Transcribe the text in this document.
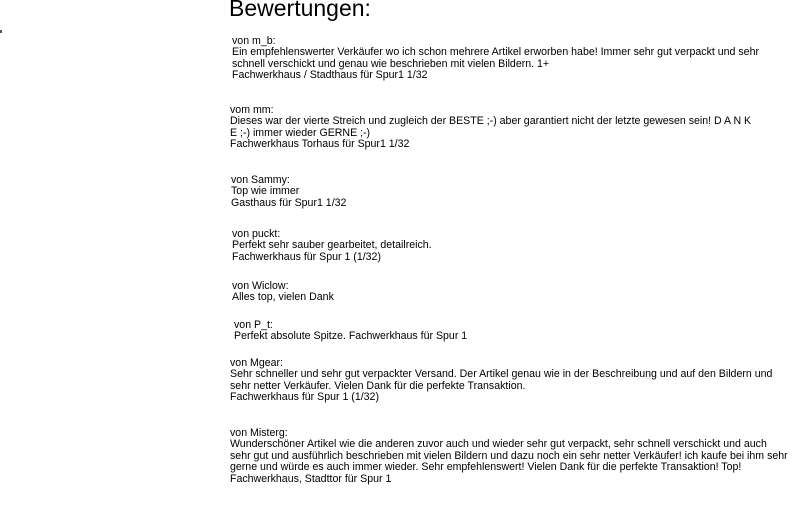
Bewertungen:
von m_b:
Ein empfehlenswerter Verkäufer wo ich schon mehrere Artikel erworben habe! Immer sehr gut verpackt und sehr schnell verschickt und genau wie beschrieben mit vielen Bildern. 1+
Fachwerkhaus / Stadthaus für Spur1 1/32
vom mm:
Dieses war der vierte Streich und zugleich der BESTE ;-) aber garantiert nicht der letzte gewesen sein! D A N K E ;-) immer wieder GERNE ;-)
Fachwerkhaus Torhaus für Spur1 1/32
von Sammy:
Top wie immer
Gasthaus für Spur1 1/32
von puckt:
Perfekt sehr sauber gearbeitet, detailreich.
Fachwerkhaus für Spur 1 (1/32)
von Wiclow:
Alles top, vielen Dank
von P_t:
Perfekt absolute Spitze. Fachwerkhaus für Spur 1
von Mgear:
Sehr schneller und sehr gut verpackter Versand. Der Artikel genau wie in der Beschreibung und auf den Bildern und sehr netter Verkäufer. Vielen Dank für die perfekte Transaktion.
Fachwerkhaus für Spur 1 (1/32)
von Misterg:
Wunderschöner Artikel wie die anderen zuvor auch und wieder sehr gut verpackt, sehr schnell verschickt und auch sehr gut und ausführlich beschrieben mit vielen Bildern und dazu noch ein sehr netter Verkäufer! ich kaufe bei ihm sehr gerne und würde es auch immer wieder. Sehr empfehlenswert! Vielen Dank für die perfekte Transaktion! Top!
Fachwerkhaus, Stadttor für Spur 1
